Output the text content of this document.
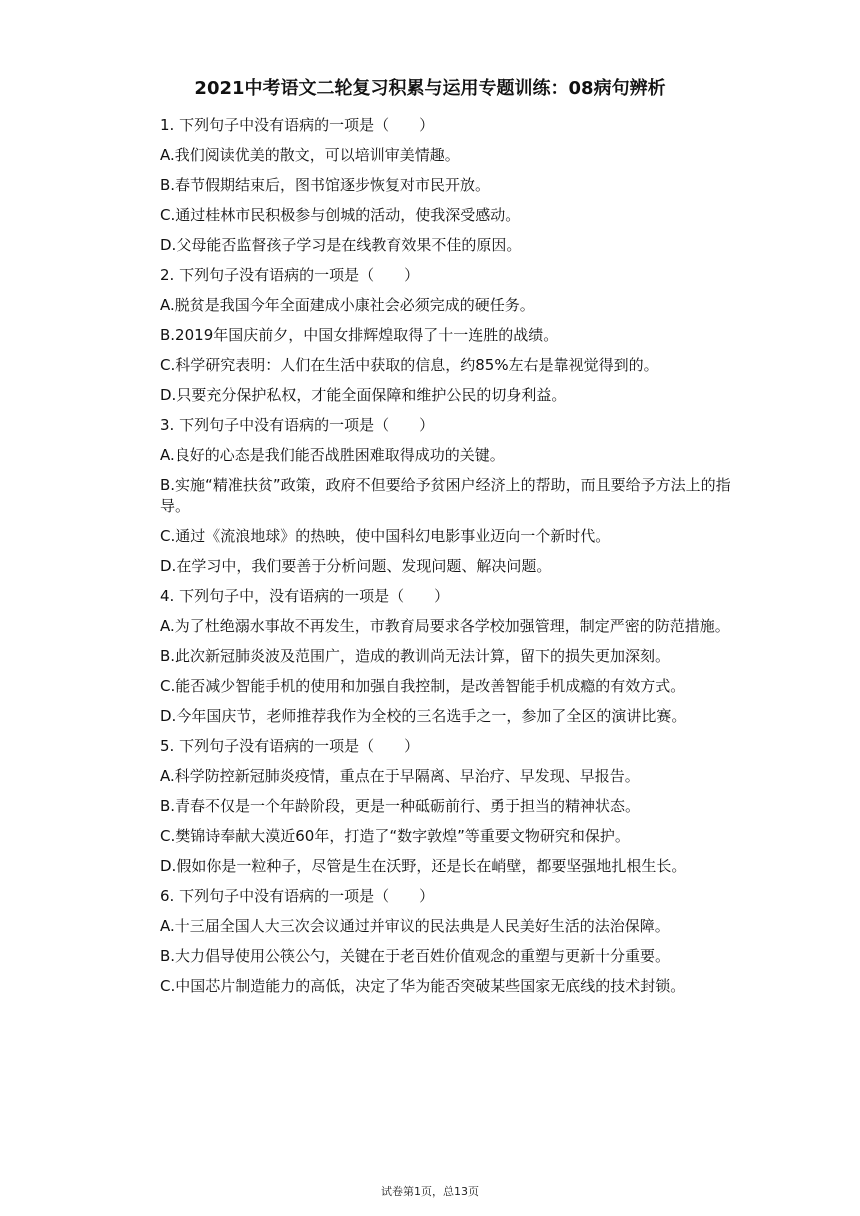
2021中考语文二轮复习积累与运用专题训练：08病句辨析

1. 下列句子中没有语病的一项是（　　）

A.我们阅读优美的散文，可以培训审美情趣。

B.春节假期结束后，图书馆逐步恢复对市民开放。

C.通过桂林市民积极参与创城的活动，使我深受感动。

D.父母能否监督孩子学习是在线教育效果不佳的原因。

2. 下列句子没有语病的一项是（　　）

A.脱贫是我国今年全面建成小康社会必须完成的硬任务。

B.2019年国庆前夕，中国女排辉煌取得了十一连胜的战绩。

C.科学研究表明：人们在生活中获取的信息，约85%左右是靠视觉得到的。

D.只要充分保护私权，才能全面保障和维护公民的切身利益。

3. 下列句子中没有语病的一项是（　　）

A.良好的心态是我们能否战胜困难取得成功的关键。

B.实施“精准扶贫”政策，政府不但要给予贫困户经济上的帮助，而且要给予方法上的指导。

C.通过《流浪地球》的热映，使中国科幻电影事业迈向一个新时代。

D.在学习中，我们要善于分析问题、发现问题、解决问题。

4. 下列句子中，没有语病的一项是（　　）

A.为了杜绝溺水事故不再发生，市教育局要求各学校加强管理，制定严密的防范措施。

B.此次新冠肺炎波及范围广，造成的教训尚无法计算，留下的损失更加深刻。

C.能否减少智能手机的使用和加强自我控制，是改善智能手机成瘾的有效方式。

D.今年国庆节，老师推荐我作为全校的三名选手之一，参加了全区的演讲比赛。

5. 下列句子没有语病的一项是（　　）

A.科学防控新冠肺炎疫情，重点在于早隔离、早治疗、早发现、早报告。

B.青春不仅是一个年龄阶段，更是一种砥砺前行、勇于担当的精神状态。

C.樊锦诗奉献大漠近60年，打造了“数字敦煌”等重要文物研究和保护。

D.假如你是一粒种子，尽管是生在沃野，还是长在峭壁，都要坚强地扎根生长。

6. 下列句子中没有语病的一项是（　　）

A.十三届全国人大三次会议通过并审议的民法典是人民美好生活的法治保障。

B.大力倡导使用公筷公勺，关键在于老百姓价值观念的重塑与更新十分重要。

C.中国芯片制造能力的高低，决定了华为能否突破某些国家无底线的技术封锁。

试卷第1页，总13页
